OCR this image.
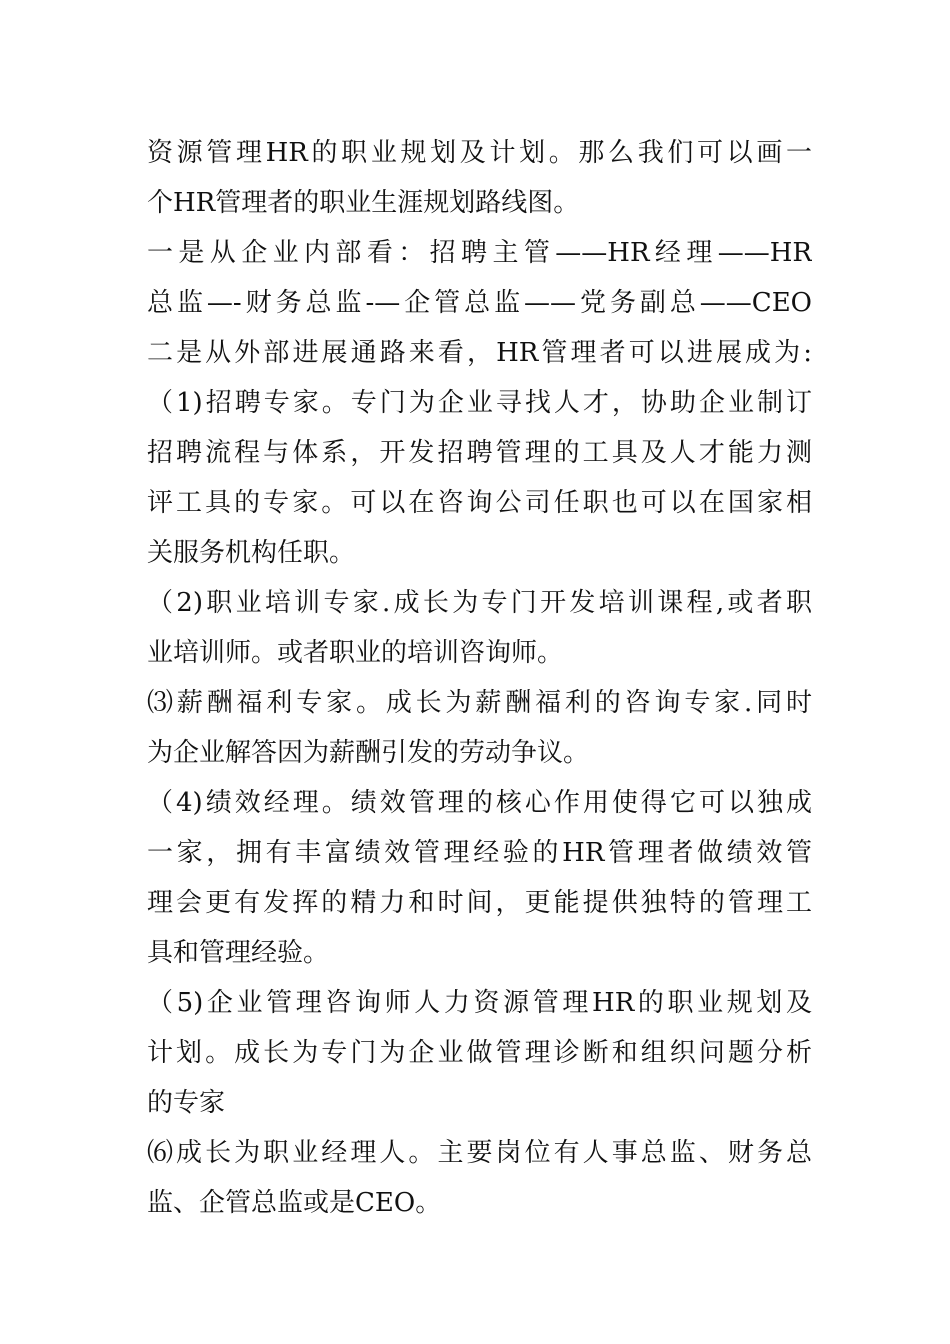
资源管理HR的职业规划及计划。那么我们可以画一
个HR管理者的职业生涯规划路线图。
一是从企业内部看：招聘主管——HR经理——HR
总监—-财务总监-—企管总监——党务副总——CEO
二是从外部进展通路来看，HR管理者可以进展成为:
（1)招聘专家。专门为企业寻找人才，协助企业制订
招聘流程与体系，开发招聘管理的工具及人才能力测
评工具的专家。可以在咨询公司任职也可以在国家相
关服务机构任职。
（2)职业培训专家.成长为专门开发培训课程,或者职
业培训师。或者职业的培训咨询师。
⑶薪酬福利专家。成长为薪酬福利的咨询专家.同时
为企业解答因为薪酬引发的劳动争议。
（4)绩效经理。绩效管理的核心作用使得它可以独成
一家，拥有丰富绩效管理经验的HR管理者做绩效管
理会更有发挥的精力和时间，更能提供独特的管理工
具和管理经验。
（5)企业管理咨询师人力资源管理HR的职业规划及
计划。成长为专门为企业做管理诊断和组织问题分析
的专家
⑹成长为职业经理人。主要岗位有人事总监、财务总
监、企管总监或是CEO。
